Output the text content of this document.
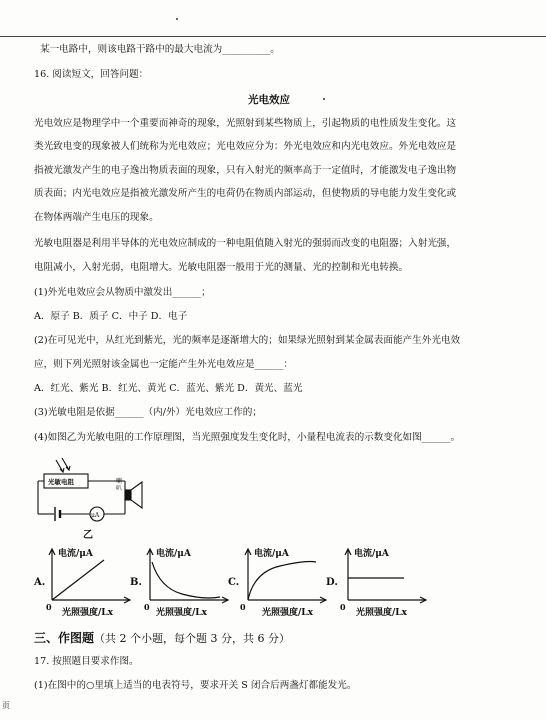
某一电路中，则该电路干路中的最大电流为__________。
16. 阅读短文，回答问题：
光电效应
光电效应是物理学中一个重要而神奇的现象，光照射到某些物质上，引起物质的电性质发生变化。这
类光致电变的现象被人们统称为光电效应；光电效应分为：外光电效应和内光电效应。外光电效应是
指被光激发产生的电子逸出物质表面的现象，只有入射光的频率高于一定值时，才能激发电子逸出物
质表面；内光电效应是指被光激发所产生的电荷仍在物质内部运动，但使物质的导电能力发生变化或
在物体两端产生电压的现象。
光敏电阻器是利用半导体的光电效应制成的一种电阻值随入射光的强弱而改变的电阻器；入射光强，
电阻减小，入射光弱，电阻增大。光敏电阻器一般用于光的测量、光的控制和光电转换。
(1)外光电效应会从物质中激发出______；
A．原子 B．质子 C．中子 D．电子
(2)在可见光中，从红光到紫光，光的频率是逐渐增大的；如果绿光照射到某金属表面能产生外光电效
应，则下列光照射该金属也一定能产生外光电效应是______：
A．红光、紫光 B．红光、黄光 C．蓝光、紫光 D．黄光、蓝光
(3)光敏电阻是依据______（内/外）光电效应工作的；
(4)如图乙为光敏电阻的工作原理图，当光照强度发生变化时，小量程电流表的示数变化如图______。
光敏电阻	喇叭
μA
乙
A.
电流/μA
0
光照强度/Lx
B.
电流/μA
0
光照强度/Lx
C.
电流/μA
0
光照强度/Lx
D.
电流/μA
0
光照强度/Lx
三、作图题（共 2 个小题，每个题 3 分，共 6 分）
17. 按照题目要求作图。
(1)在图中的○里填上适当的电表符号，要求开关 S 闭合后两盏灯都能发光。
页
